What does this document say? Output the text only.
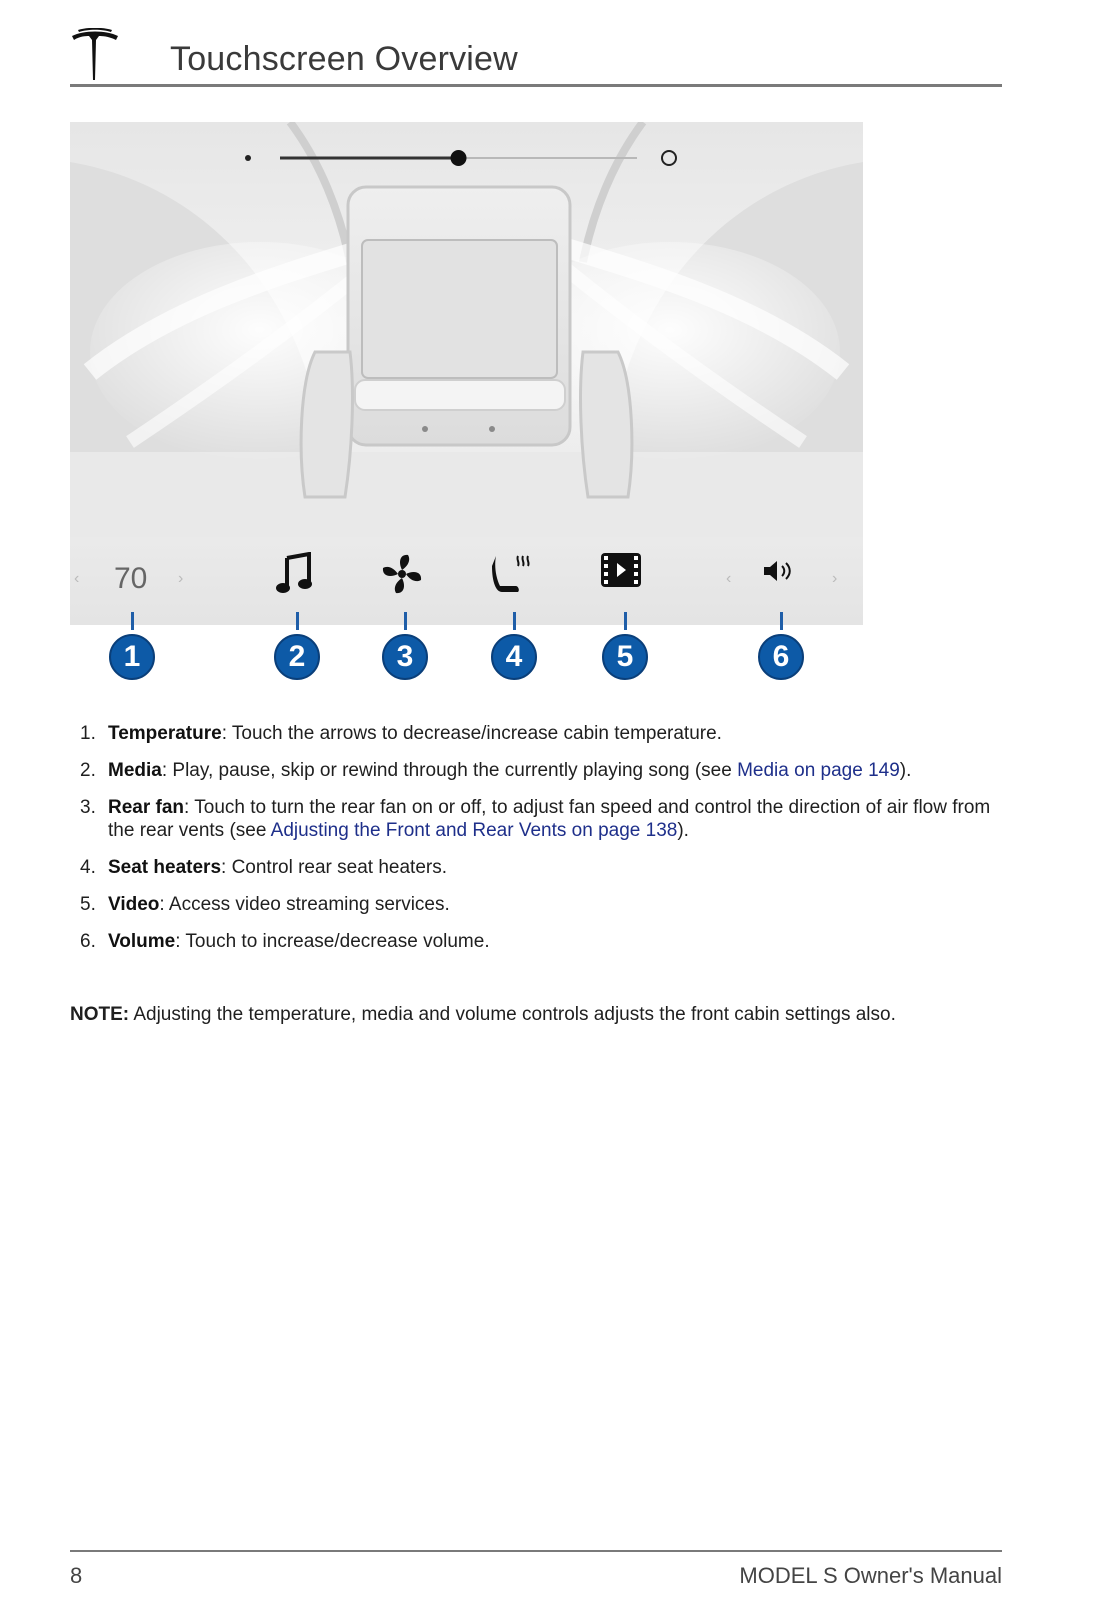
Touchscreen Overview
‹ 70 ›	‹	›
1	2	3	4	5	6
1. Temperature: Touch the arrows to decrease/increase cabin temperature.
2. Media: Play, pause, skip or rewind through the currently playing song (see Media on page 149).
3. Rear fan: Touch to turn the rear fan on or off, to adjust fan speed and control the direction of air flow from the rear vents (see Adjusting the Front and Rear Vents on page 138).
4. Seat heaters: Control rear seat heaters.
5. Video: Access video streaming services.
6. Volume: Touch to increase/decrease volume.
NOTE: Adjusting the temperature, media and volume controls adjusts the front cabin settings also.
8	MODEL S Owner's Manual
